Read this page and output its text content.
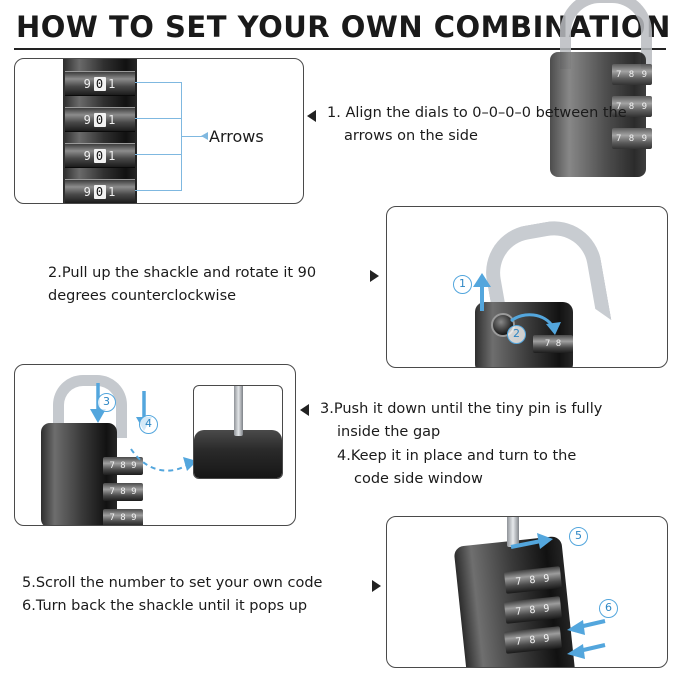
HOW TO SET YOUR OWN COMBINATION
9 0 1
9 0 1
9 0 1
9 0 1
Arrows
7 8 9
7 8 9
7 8 9
1. Align the dials to 0–0–0–0 between the
arrows on the side
2.Pull up the shackle and rotate it 90
degrees counterclockwise
7 8
1
2
7 8 9
7 8 9
7 8 9
3
4
3.Push it down until the tiny pin is fully
inside the gap
4.Keep it in place and turn to the
code side window
5.Scroll the number to set your own code
6.Turn back the shackle until it pops up
7 8 9
7 8 9
7 8 9
5
6
